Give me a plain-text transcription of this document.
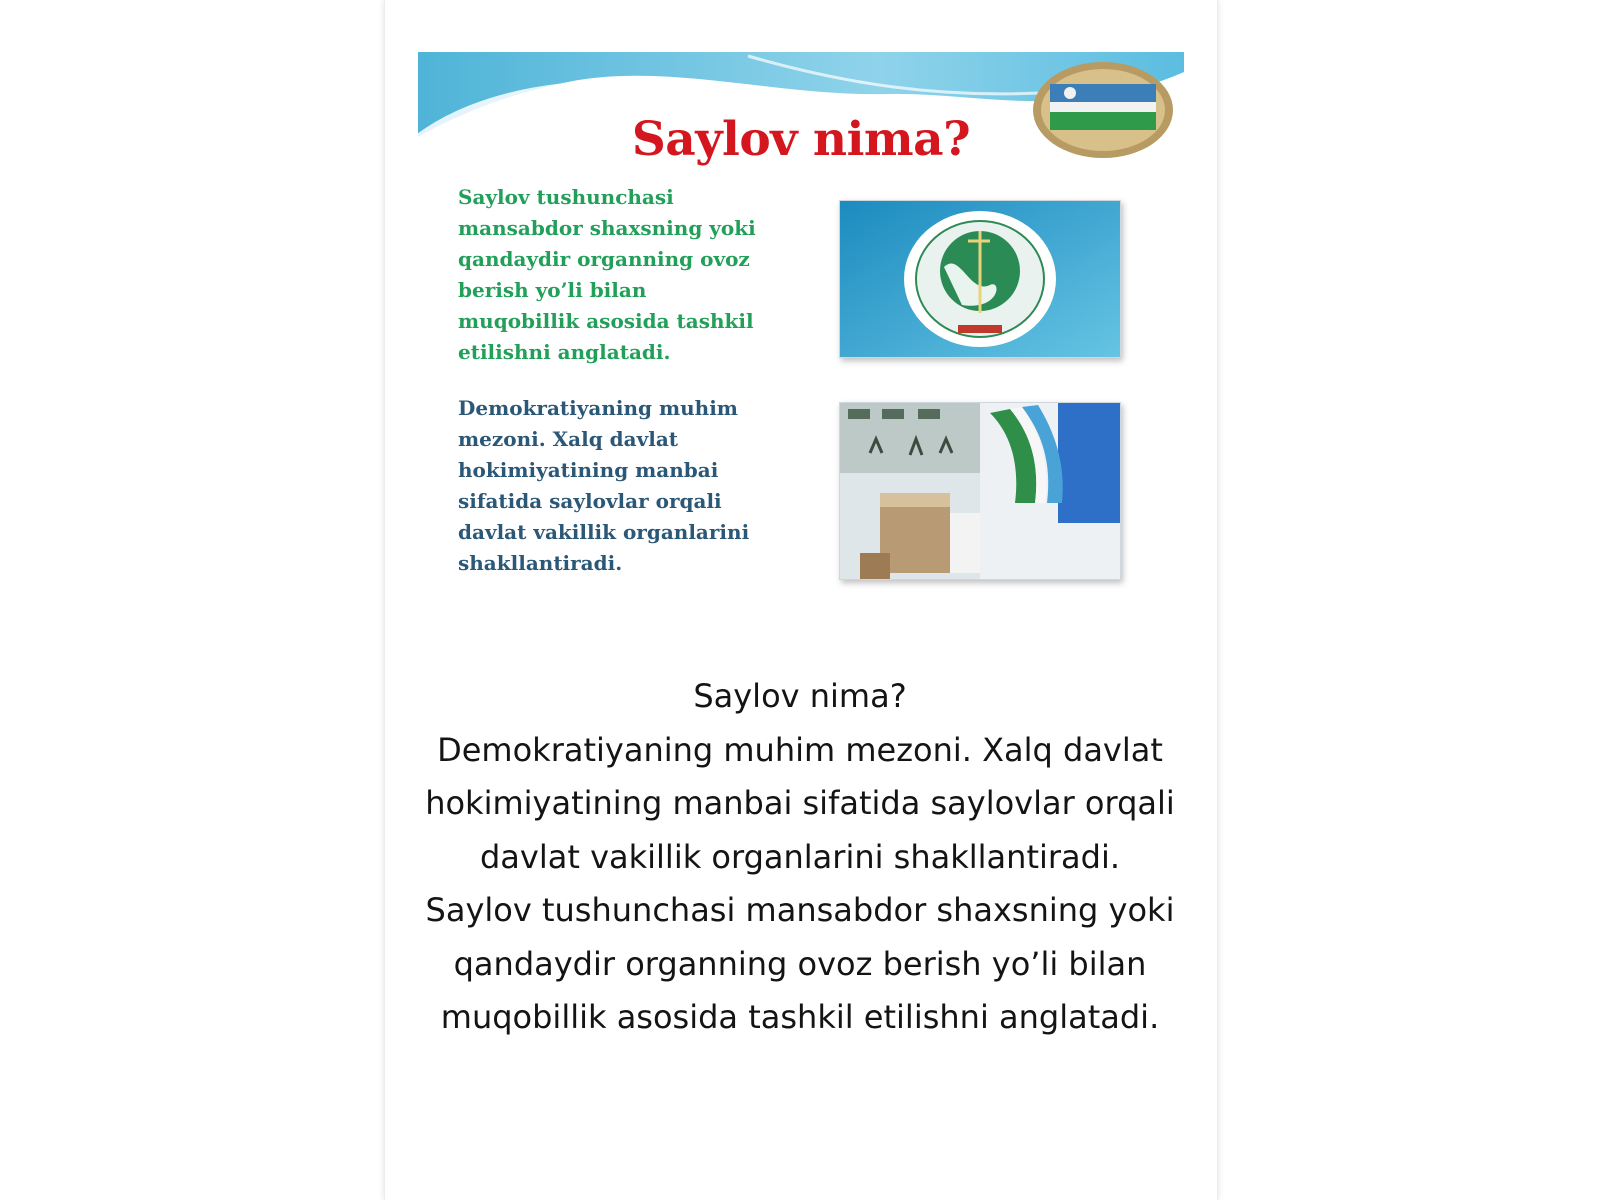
Saylov nima?
Saylov tushunchasi
mansabdor shaxsning yoki
qandaydir organning ovoz
berish yo’li bilan
muqobillik asosida tashkil
etilishni anglatadi.
Demokratiyaning muhim
mezoni. Xalq davlat
hokimiyatining manbai
sifatida saylovlar orqali
davlat vakillik organlarini
shakllantiradi.
Saylov nima?
Demokratiyaning muhim mezoni. Xalq davlat hokimiyatining manbai sifatida saylovlar orqali davlat vakillik organlarini shakllantiradi.
Saylov tushunchasi mansabdor shaxsning yoki qandaydir organning ovoz berish yo’li bilan muqobillik asosida tashkil etilishni anglatadi.
